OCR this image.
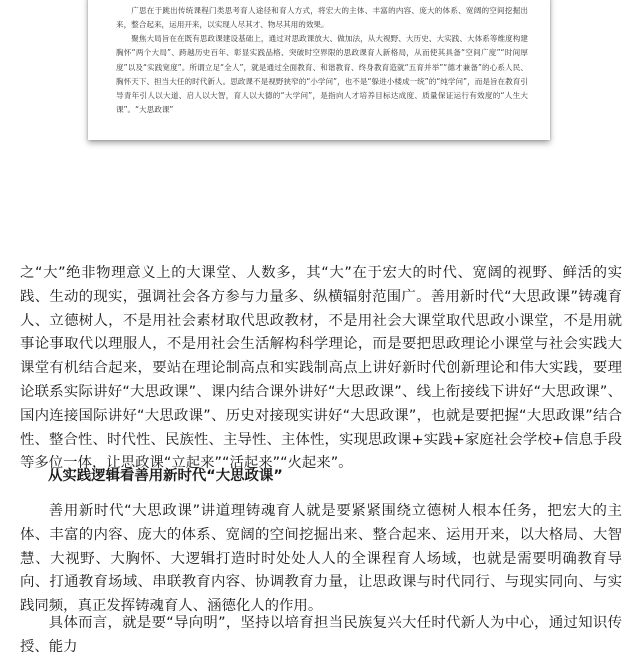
广思在于跳出传统课程门类思考育人途径和育人方式，将宏大的主体、丰富的内容、庞大的体系、宽阔的空间挖掘出来，整合起来，运用开来，以实现人尽其才、物尽其用的效果。

聚焦大局旨在在既有思政课建设基础上，通过对思政课放大、做加法，从大视野、大历史、大实践、大体系等维度构建胸怀“两个大局”、跨越历史百年、彰显实践品格、突破时空界限的思政课育人新格局，从而使其具备“空间广度”“时间厚度”以及“实践宽度”。所谓立足“全人”，就是通过全面教育、和谐教育、终身教育造就“五育并举”“德才兼备”的心系人民、胸怀天下、担当大任的时代新人。思政课不是视野狭窄的“小学问”，也不是“躲进小楼成一统”的“纯学问”，而是旨在教育引导青年引人以大道、启人以大智，育人以大德的“大学问”，是指向人才培养目标达成度、质量保证运行有效度的“人生大课”。“大思政课”

之“大”绝非物理意义上的大课堂、人数多，其“大”在于宏大的时代、宽阔的视野、鲜活的实践、生动的现实，强调社会各方参与力量多、纵横辐射范围广。善用新时代“大思政课”铸魂育人、立德树人，不是用社会素材取代思政教材，不是用社会大课堂取代思政小课堂，不是用就事论事取代以理服人，不是用社会生活解构科学理论，而是要把思政理论小课堂与社会实践大课堂有机结合起来，要站在理论制高点和实践制高点上讲好新时代创新理论和伟大实践，要理论联系实际讲好“大思政课”、课内结合课外讲好“大思政课”、线上衔接线下讲好“大思政课”、国内连接国际讲好“大思政课”、历史对接现实讲好“大思政课”，也就是要把握“大思政课”结合性、整合性、时代性、民族性、主导性、主体性，实现思政课+实践+家庭社会学校+信息手段等多位一体，让思政课“立起来”“活起来”“火起来”。

从实践逻辑看善用新时代“大思政课”

善用新时代“大思政课”讲道理铸魂育人就是要紧紧围绕立德树人根本任务，把宏大的主体、丰富的内容、庞大的体系、宽阔的空间挖掘出来、整合起来、运用开来，以大格局、大智慧、大视野、大胸怀、大逻辑打造时时处处人人的全课程育人场域，也就是需要明确教育导向、打通教育场域、串联教育内容、协调教育力量，让思政课与时代同行、与现实同向、与实践同频，真正发挥铸魂育人、涵德化人的作用。

具体而言，就是要“导向明”，坚持以培育担当民族复兴大任时代新人为中心，通过知识传授、能力
